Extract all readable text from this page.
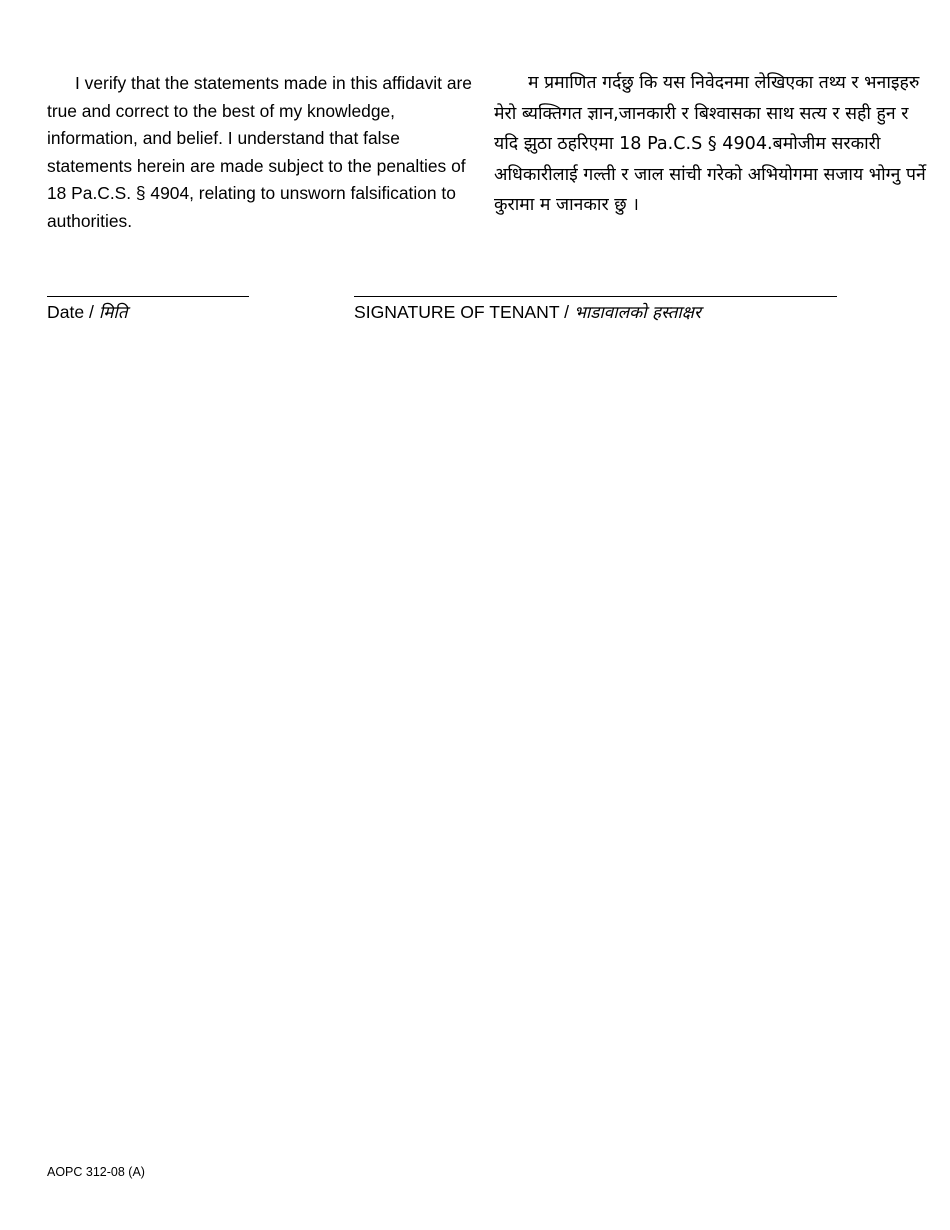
I verify that the statements made in this affidavit are true and correct to the best of my knowledge, information, and belief. I understand that false statements herein are made subject to the penalties of 18 Pa.C.S. § 4904, relating to unsworn falsification to authorities.

म प्रमाणित गर्दछु कि यस निवेदनमा लेखिएका तथ्य र भनाइहरु मेरो ब्यक्तिगत ज्ञान,जानकारी र बिश्वासका साथ सत्य र सही हुन र यदि झुठा ठहरिएमा 18 Pa.C.S § 4904.बमोजीम सरकारी अधिकारीलाई गल्ती र जाल सांची गरेको अभियोगमा सजाय भोग्नु पर्ने कुरामा म जानकार छु ।

Date / मिति	SIGNATURE OF TENANT / भाडावालको हस्ताक्षर
AOPC 312-08 (A)
